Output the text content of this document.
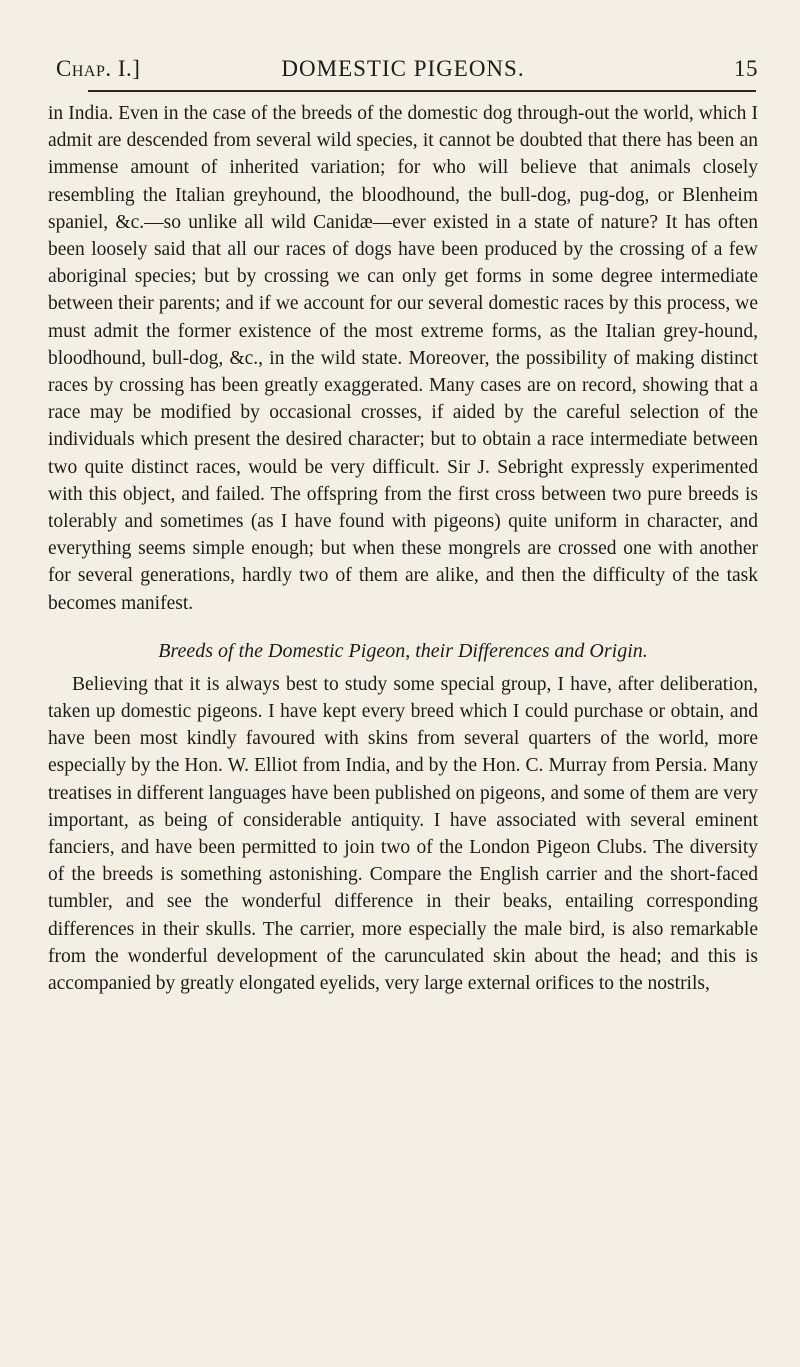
Chap. I.]	DOMESTIC PIGEONS.	15

in India. Even in the case of the breeds of the domestic dog through-out the world, which I admit are descended from several wild species, it cannot be doubted that there has been an immense amount of inherited variation; for who will believe that animals closely resembling the Italian greyhound, the bloodhound, the bull-dog, pug-dog, or Blenheim spaniel, &c.—so unlike all wild Canidæ—ever existed in a state of nature? It has often been loosely said that all our races of dogs have been produced by the crossing of a few aboriginal species; but by crossing we can only get forms in some degree intermediate between their parents; and if we account for our several domestic races by this process, we must admit the former existence of the most extreme forms, as the Italian grey-hound, bloodhound, bull-dog, &c., in the wild state. Moreover, the possibility of making distinct races by crossing has been greatly exaggerated. Many cases are on record, showing that a race may be modified by occasional crosses, if aided by the careful selection of the individuals which present the desired character; but to obtain a race intermediate between two quite distinct races, would be very difficult. Sir J. Sebright expressly experimented with this object, and failed. The offspring from the first cross between two pure breeds is tolerably and sometimes (as I have found with pigeons) quite uniform in character, and everything seems simple enough; but when these mongrels are crossed one with another for several generations, hardly two of them are alike, and then the difficulty of the task becomes manifest.

Breeds of the Domestic Pigeon, their Differences and Origin.

Believing that it is always best to study some special group, I have, after deliberation, taken up domestic pigeons. I have kept every breed which I could purchase or obtain, and have been most kindly favoured with skins from several quarters of the world, more especially by the Hon. W. Elliot from India, and by the Hon. C. Murray from Persia. Many treatises in different languages have been published on pigeons, and some of them are very important, as being of considerable antiquity. I have associated with several eminent fanciers, and have been permitted to join two of the London Pigeon Clubs. The diversity of the breeds is something astonishing. Compare the English carrier and the short-faced tumbler, and see the wonderful difference in their beaks, entailing corresponding differences in their skulls. The carrier, more especially the male bird, is also remarkable from the wonderful development of the carunculated skin about the head; and this is accompanied by greatly elongated eyelids, very large external orifices to the nostrils,
